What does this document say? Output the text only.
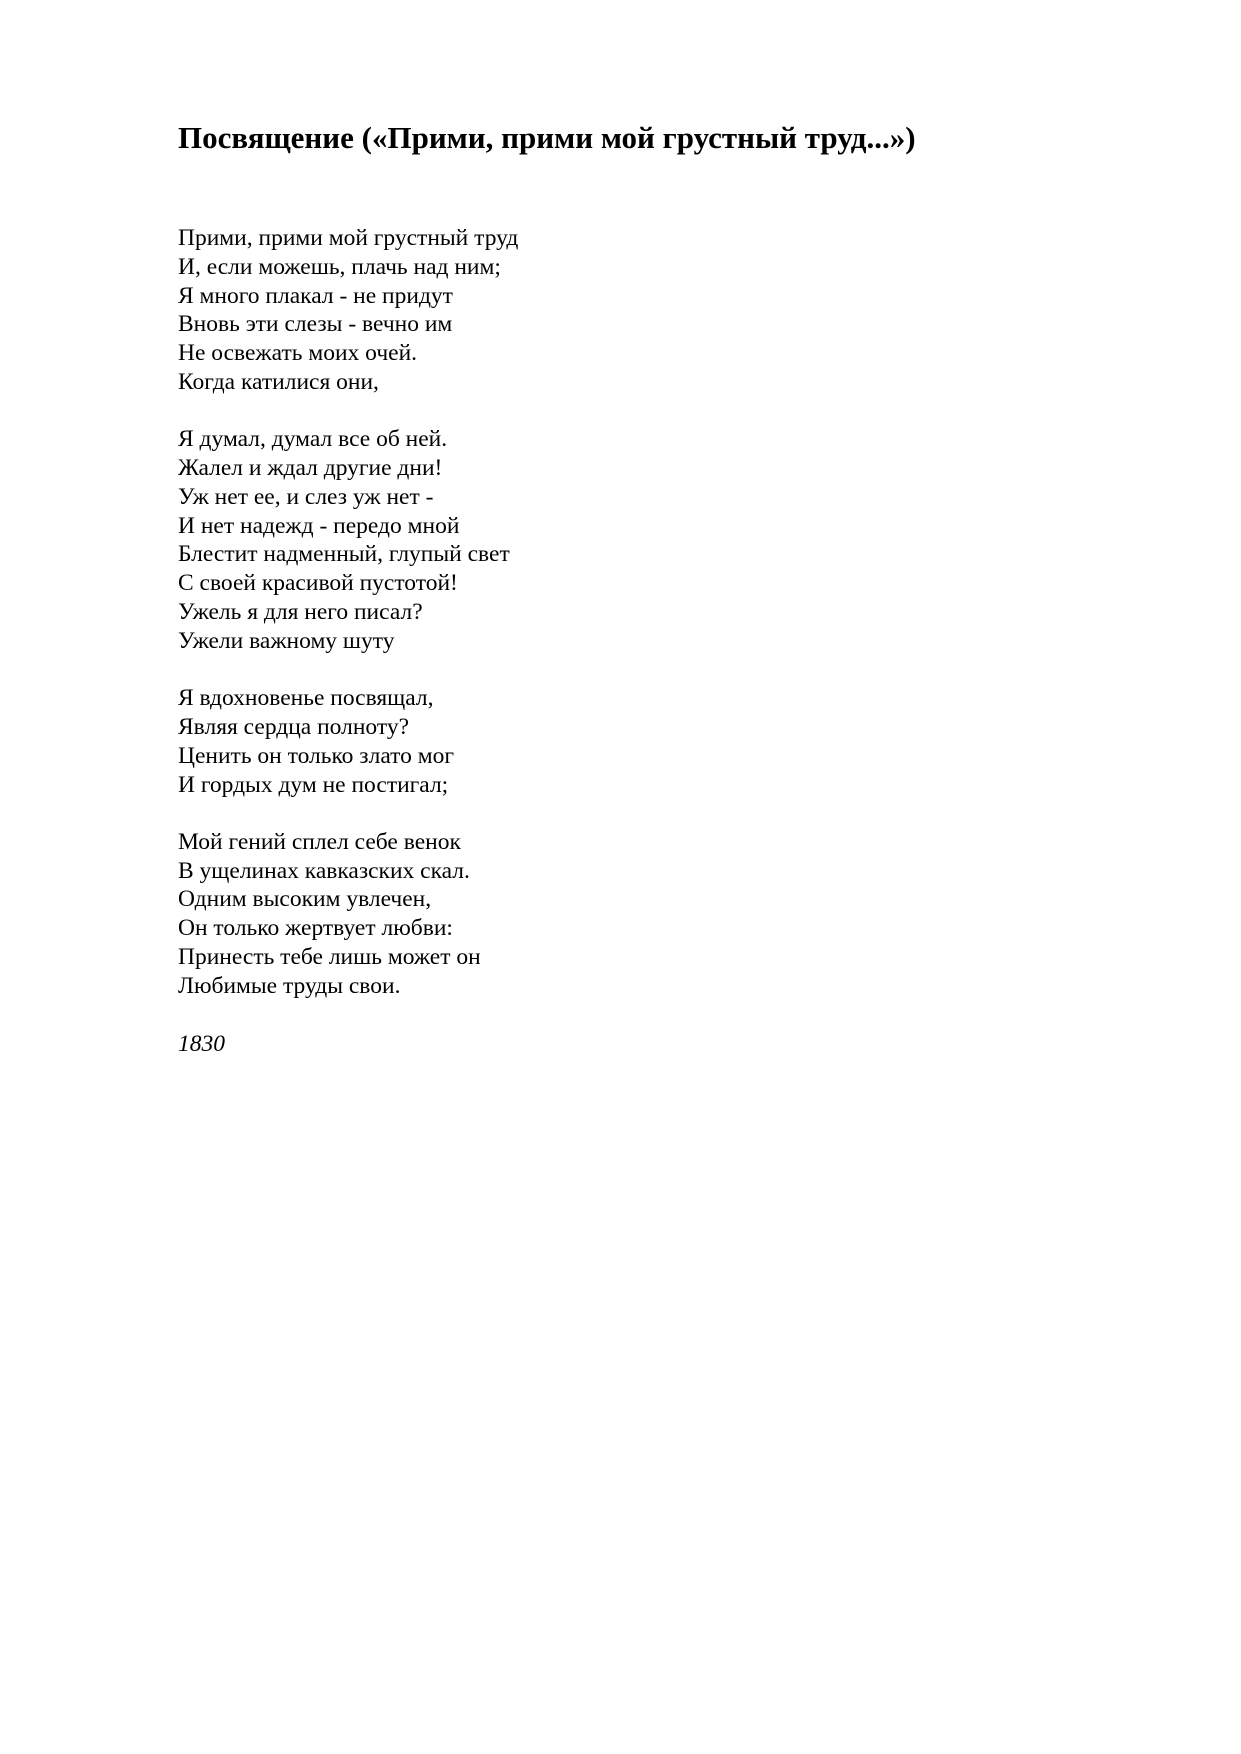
Посвящение («Прими, прими мой грустный труд...»)
Прими, прими мой грустный труд
И, если можешь, плачь над ним;
Я много плакал - не придут
Вновь эти слезы - вечно им
Не освежать моих очей.
Когда катилися они,
Я думал, думал все об ней.
Жалел и ждал другие дни!
Уж нет ее, и слез уж нет -
И нет надежд - передо мной
Блестит надменный, глупый свет
С своей красивой пустотой!
Ужель я для него писал?
Ужели важному шуту
Я вдохновенье посвящал,
Являя сердца полноту?
Ценить он только злато мог
И гордых дум не постигал;
Мой гений сплел себе венок
В ущелинах кавказских скал.
Одним высоким увлечен,
Он только жертвует любви:
Принесть тебе лишь может он
Любимые труды свои.

1830
